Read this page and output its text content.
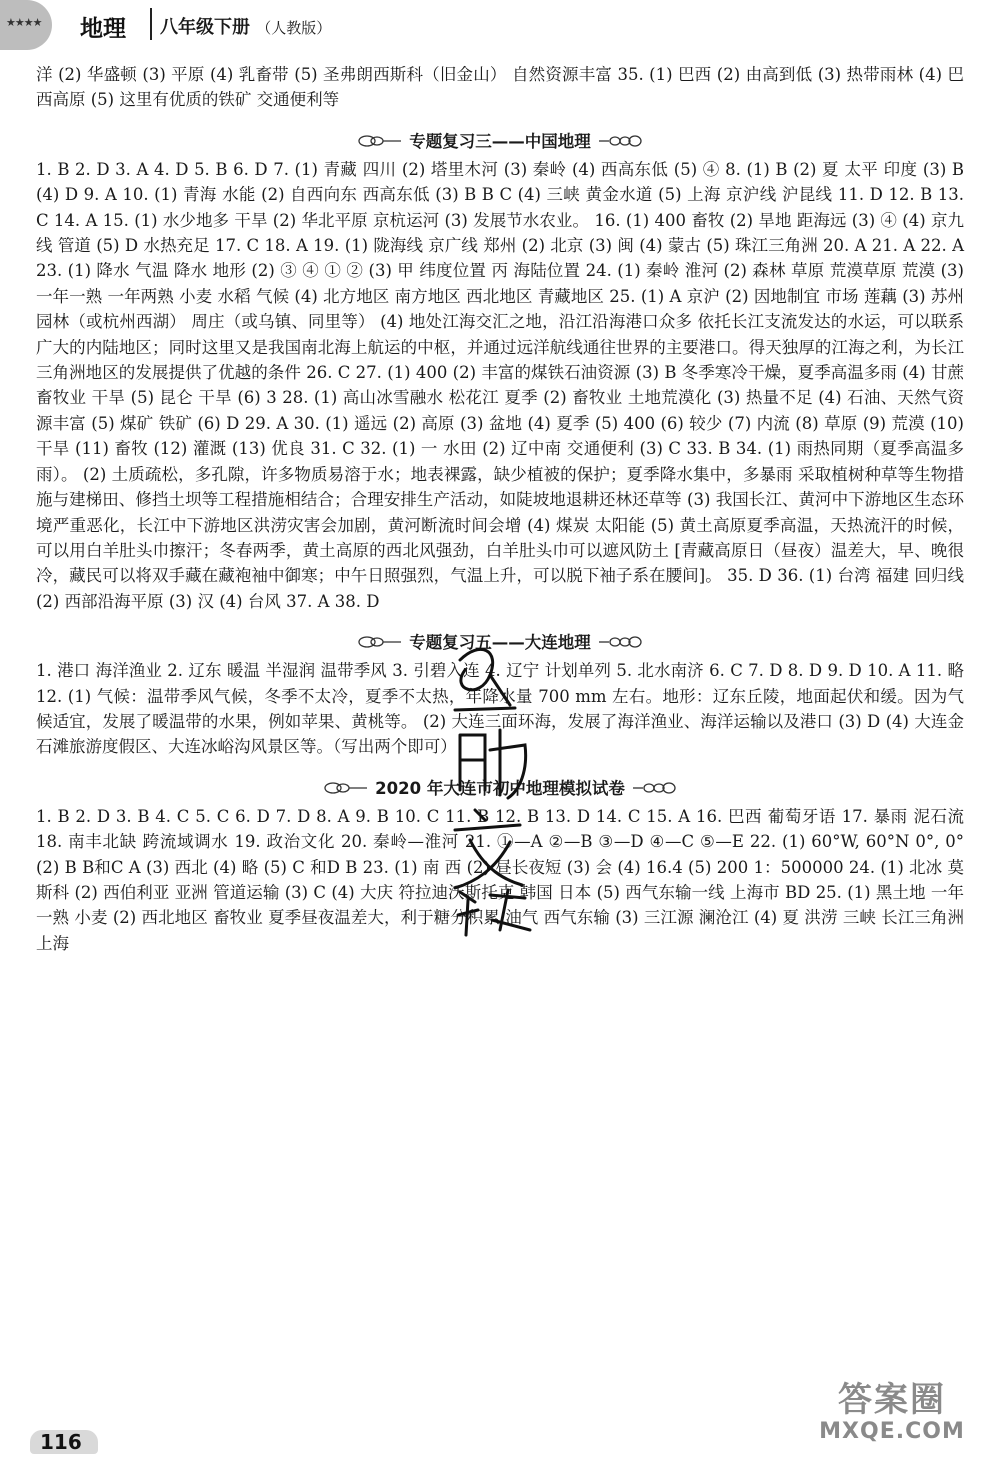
★★★★ 地理 八年级下册 （人教版）

洋 (2) 华盛顿 (3) 平原 (4) 乳畜带 (5) 圣弗朗西斯科（旧金山） 自然资源丰富 35. (1) 巴西 (2) 由高到低 (3) 热带雨林 (4) 巴西高原 (5) 这里有优质的铁矿 交通便利等

专题复习三——中国地理

1. B 2. D 3. A 4. D 5. B 6. D 7. (1) 青藏 四川 (2) 塔里木河 (3) 秦岭 (4) 西高东低 (5) ④ 8. (1) B (2) 夏 太平 印度 (3) B (4) D 9. A 10. (1) 青海 水能 (2) 自西向东 西高东低 (3) B B C (4) 三峡 黄金水道 (5) 上海 京沪线 沪昆线 11. D 12. B 13. C 14. A 15. (1) 水少地多 干旱 (2) 华北平原 京杭运河 (3) 发展节水农业。 16. (1) 400 畜牧 (2) 旱地 距海远 (3) ④ (4) 京九线 管道 (5) D 水热充足 17. C 18. A 19. (1) 陇海线 京广线 郑州 (2) 北京 (3) 闽 (4) 蒙古 (5) 珠江三角洲 20. A 21. A 22. A 23. (1) 降水 气温 降水 地形 (2) ③ ④ ① ② (3) 甲 纬度位置 丙 海陆位置 24. (1) 秦岭 淮河 (2) 森林 草原 荒漠草原 荒漠 (3) 一年一熟 一年两熟 小麦 水稻 气候 (4) 北方地区 南方地区 西北地区 青藏地区 25. (1) A 京沪 (2) 因地制宜 市场 莲藕 (3) 苏州园林（或杭州西湖） 周庄（或乌镇、同里等） (4) 地处江海交汇之地，沿江沿海港口众多 依托长江支流发达的水运，可以联系广大的内陆地区；同时这里又是我国南北海上航运的中枢，并通过远洋航线通往世界的主要港口。得天独厚的江海之利，为长江三角洲地区的发展提供了优越的条件 26. C 27. (1) 400 (2) 丰富的煤铁石油资源 (3) B 冬季寒冷干燥，夏季高温多雨 (4) 甘蔗 畜牧业 干旱 (5) 昆仑 干旱 (6) 3 28. (1) 高山冰雪融水 松花江 夏季 (2) 畜牧业 土地荒漠化 (3) 热量不足 (4) 石油、天然气资源丰富 (5) 煤矿 铁矿 (6) D 29. A 30. (1) 遥远 (2) 高原 (3) 盆地 (4) 夏季 (5) 400 (6) 较少 (7) 内流 (8) 草原 (9) 荒漠 (10) 干旱 (11) 畜牧 (12) 灌溉 (13) 优良 31. C 32. (1) 一 水田 (2) 辽中南 交通便利 (3) C 33. B 34. (1) 雨热同期（夏季高温多雨）。 (2) 土质疏松，多孔隙，许多物质易溶于水；地表裸露，缺少植被的保护；夏季降水集中，多暴雨 采取植树种草等生物措施与建梯田、修挡土坝等工程措施相结合；合理安排生产活动，如陡坡地退耕还林还草等 (3) 我国长江、黄河中下游地区生态环境严重恶化，长江中下游地区洪涝灾害会加剧，黄河断流时间会增 (4) 煤炭 太阳能 (5) 黄土高原夏季高温，天热流汗的时候，可以用白羊肚头巾擦汗；冬春两季，黄土高原的西北风强劲，白羊肚头巾可以遮风防土 [青藏高原日（昼夜）温差大，早、晚很冷，藏民可以将双手藏在藏袍袖中御寒；中午日照强烈，气温上升，可以脱下袖子系在腰间]。 35. D 36. (1) 台湾 福建 回归线 (2) 西部沿海平原 (3) 汉 (4) 台风 37. A 38. D

专题复习五——大连地理

1. 港口 海洋渔业 2. 辽东 暖温 半湿润 温带季风 3. 引碧入连 4. 辽宁 计划单列 5. 北水南济 6. C 7. D 8. D 9. D 10. A 11. 略 12. (1) 气候：温带季风气候，冬季不太冷，夏季不太热，年降水量 700 mm 左右。地形：辽东丘陵，地面起伏和缓。因为气候适宜，发展了暖温带的水果，例如苹果、黄桃等。 (2) 大连三面环海，发展了海洋渔业、海洋运输以及港口 (3) D (4) 大连金石滩旅游度假区、大连冰峪沟风景区等。（写出两个即可）

2020 年大连市初中地理模拟试卷

1. B 2. D 3. B 4. C 5. C 6. D 7. D 8. A 9. B 10. C 11. B 12. B 13. D 14. C 15. A 16. 巴西 葡萄牙语 17. 暴雨 泥石流 18. 南丰北缺 跨流域调水 19. 政治文化 20. 秦岭—淮河 21. ①—A ②—B ③—D ④—C ⑤—E 22. (1) 60°W, 60°N 0°, 0° (2) B B和C A (3) 西北 (4) 略 (5) C 和D B 23. (1) 南 西 (2) 昼长夜短 (3) 会 (4) 16.4 (5) 200 1：500000 24. (1) 北冰 莫斯科 (2) 西伯利亚 亚洲 管道运输 (3) C (4) 大庆 符拉迪沃斯托克 韩国 日本 (5) 西气东输一线 上海市 BD 25. (1) 黑土地 一年一熟 小麦 (2) 西北地区 畜牧业 夏季昼夜温差大，利于糖分积累 油气 西气东输 (3) 三江源 澜沧江 (4) 夏 洪涝 三峡 长江三角洲 上海

116
答案圈
MXQE.COM
